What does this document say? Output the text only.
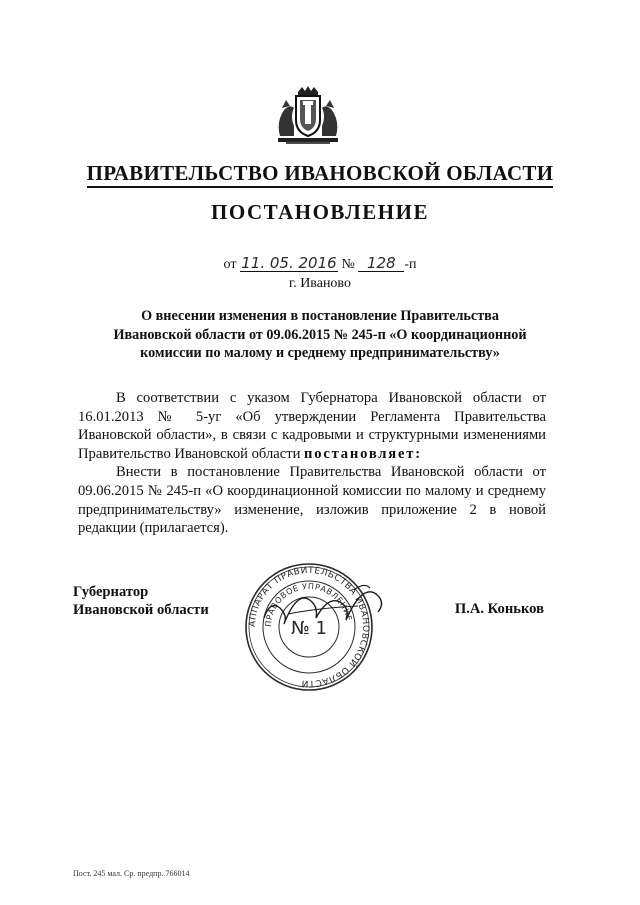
ПРАВИТЕЛЬСТВО ИВАНОВСКОЙ ОБЛАСТИ
ПОСТАНОВЛЕНИЕ
от 11. 05. 2016 № 128 -п
г. Иваново
О внесении изменения в постановление Правительства
Ивановской области от 09.06.2015 № 245-п «О координационной
комиссии по малому и среднему предпринимательству»

В соответствии с указом Губернатора Ивановской области от 16.01.2013 № 5-уг «Об утверждении Регламента Правительства Ивановской области», в связи с кадровыми и структурными изменениями Правительство Ивановской области постановляет:

Внести в постановление Правительства Ивановской области от 09.06.2015 № 245-п «О координационной комиссии по малому и среднему предпринимательству» изменение, изложив приложение 2 в новой редакции (прилагается).

Губернатор
Ивановской области
АППАРАТ ПРАВИТЕЛЬСТВА ИВАНОВСКОЙ ОБЛАСТИ
ПРАВОВОЕ УПРАВЛЕНИЕ
№ 1
П.А. Коньков
Пост. 245 мал. Ср. предпр. 766014
